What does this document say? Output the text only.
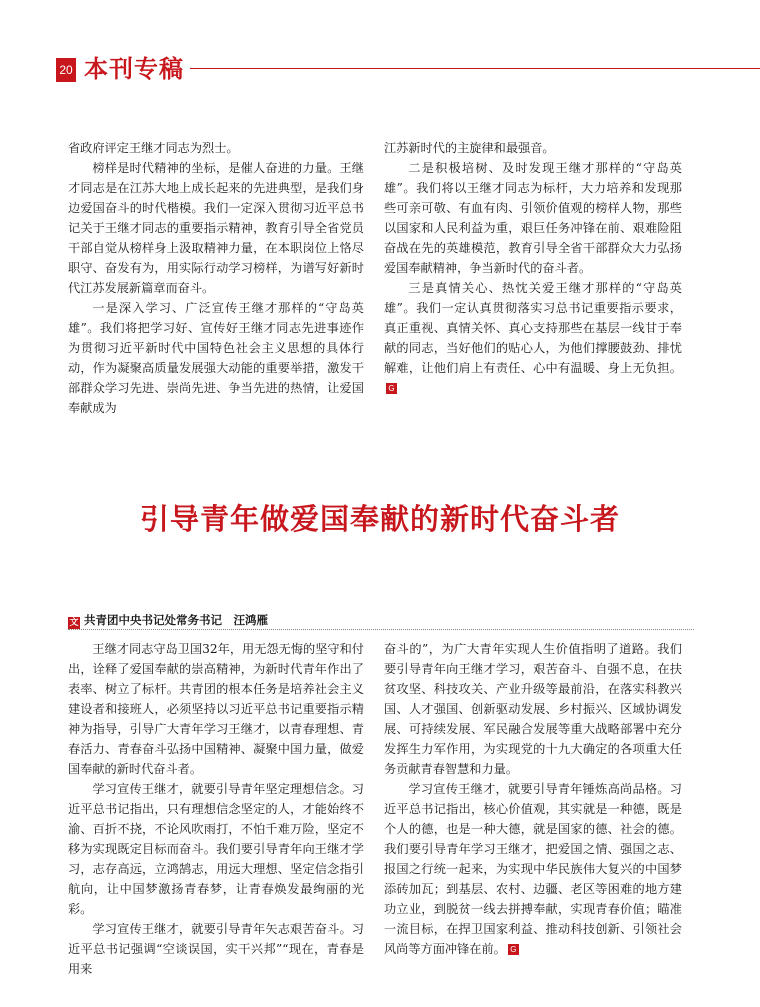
20 本刊专稿

省政府评定王继才同志为烈士。

榜样是时代精神的坐标，是催人奋进的力量。王继才同志是在江苏大地上成长起来的先进典型，是我们身边爱国奋斗的时代楷模。我们一定深入贯彻习近平总书记关于王继才同志的重要指示精神，教育引导全省党员干部自觉从榜样身上汲取精神力量，在本职岗位上恪尽职守、奋发有为，用实际行动学习榜样，为谱写好新时代江苏发展新篇章而奋斗。

一是深入学习、广泛宣传王继才那样的“守岛英雄”。我们将把学习好、宣传好王继才同志先进事迹作为贯彻习近平新时代中国特色社会主义思想的具体行动，作为凝聚高质量发展强大动能的重要举措，激发干部群众学习先进、崇尚先进、争当先进的热情，让爱国奉献成为

江苏新时代的主旋律和最强音。

二是积极培树、及时发现王继才那样的“守岛英雄”。我们将以王继才同志为标杆，大力培养和发现那些可亲可敬、有血有肉、引领价值观的榜样人物，那些以国家和人民利益为重，艰巨任务冲锋在前、艰难险阻奋战在先的英雄模范，教育引导全省干部群众大力弘扬爱国奉献精神，争当新时代的奋斗者。

三是真情关心、热忱关爱王继才那样的“守岛英雄”。我们一定认真贯彻落实习总书记重要指示要求，真正重视、真情关怀、真心支持那些在基层一线甘于奉献的同志，当好他们的贴心人，为他们撑腰鼓劲、排忧解难，让他们肩上有责任、心中有温暖、身上无负担。G

引导青年做爱国奉献的新时代奋斗者
文 共青团中央书记处常务书记　汪鸿雁

王继才同志守岛卫国32年，用无怨无悔的坚守和付出，诠释了爱国奉献的崇高精神，为新时代青年作出了表率、树立了标杆。共青团的根本任务是培养社会主义建设者和接班人，必须坚持以习近平总书记重要指示精神为指导，引导广大青年学习王继才，以青春理想、青春活力、青春奋斗弘扬中国精神、凝聚中国力量，做爱国奉献的新时代奋斗者。

学习宣传王继才，就要引导青年坚定理想信念。习近平总书记指出，只有理想信念坚定的人，才能始终不渝、百折不挠，不论风吹雨打，不怕千难万险，坚定不移为实现既定目标而奋斗。我们要引导青年向王继才学习，志存高远，立鸿鹄志，用远大理想、坚定信念指引航向，让中国梦激扬青春梦，让青春焕发最绚丽的光彩。

学习宣传王继才，就要引导青年矢志艰苦奋斗。习近平总书记强调“空谈误国，实干兴邦”“现在，青春是用来

奋斗的”，为广大青年实现人生价值指明了道路。我们要引导青年向王继才学习，艰苦奋斗、自强不息，在扶贫攻坚、科技攻关、产业升级等最前沿，在落实科教兴国、人才强国、创新驱动发展、乡村振兴、区域协调发展、可持续发展、军民融合发展等重大战略部署中充分发挥生力军作用，为实现党的十九大确定的各项重大任务贡献青春智慧和力量。

学习宣传王继才，就要引导青年锤炼高尚品格。习近平总书记指出，核心价值观，其实就是一种德，既是个人的德，也是一种大德，就是国家的德、社会的德。我们要引导青年学习王继才，把爱国之情、强国之志、报国之行统一起来，为实现中华民族伟大复兴的中国梦添砖加瓦；到基层、农村、边疆、老区等困难的地方建功立业，到脱贫一线去拼搏奉献，实现青春价值；瞄准一流目标，在捍卫国家利益、推动科技创新、引领社会风尚等方面冲锋在前。 G
